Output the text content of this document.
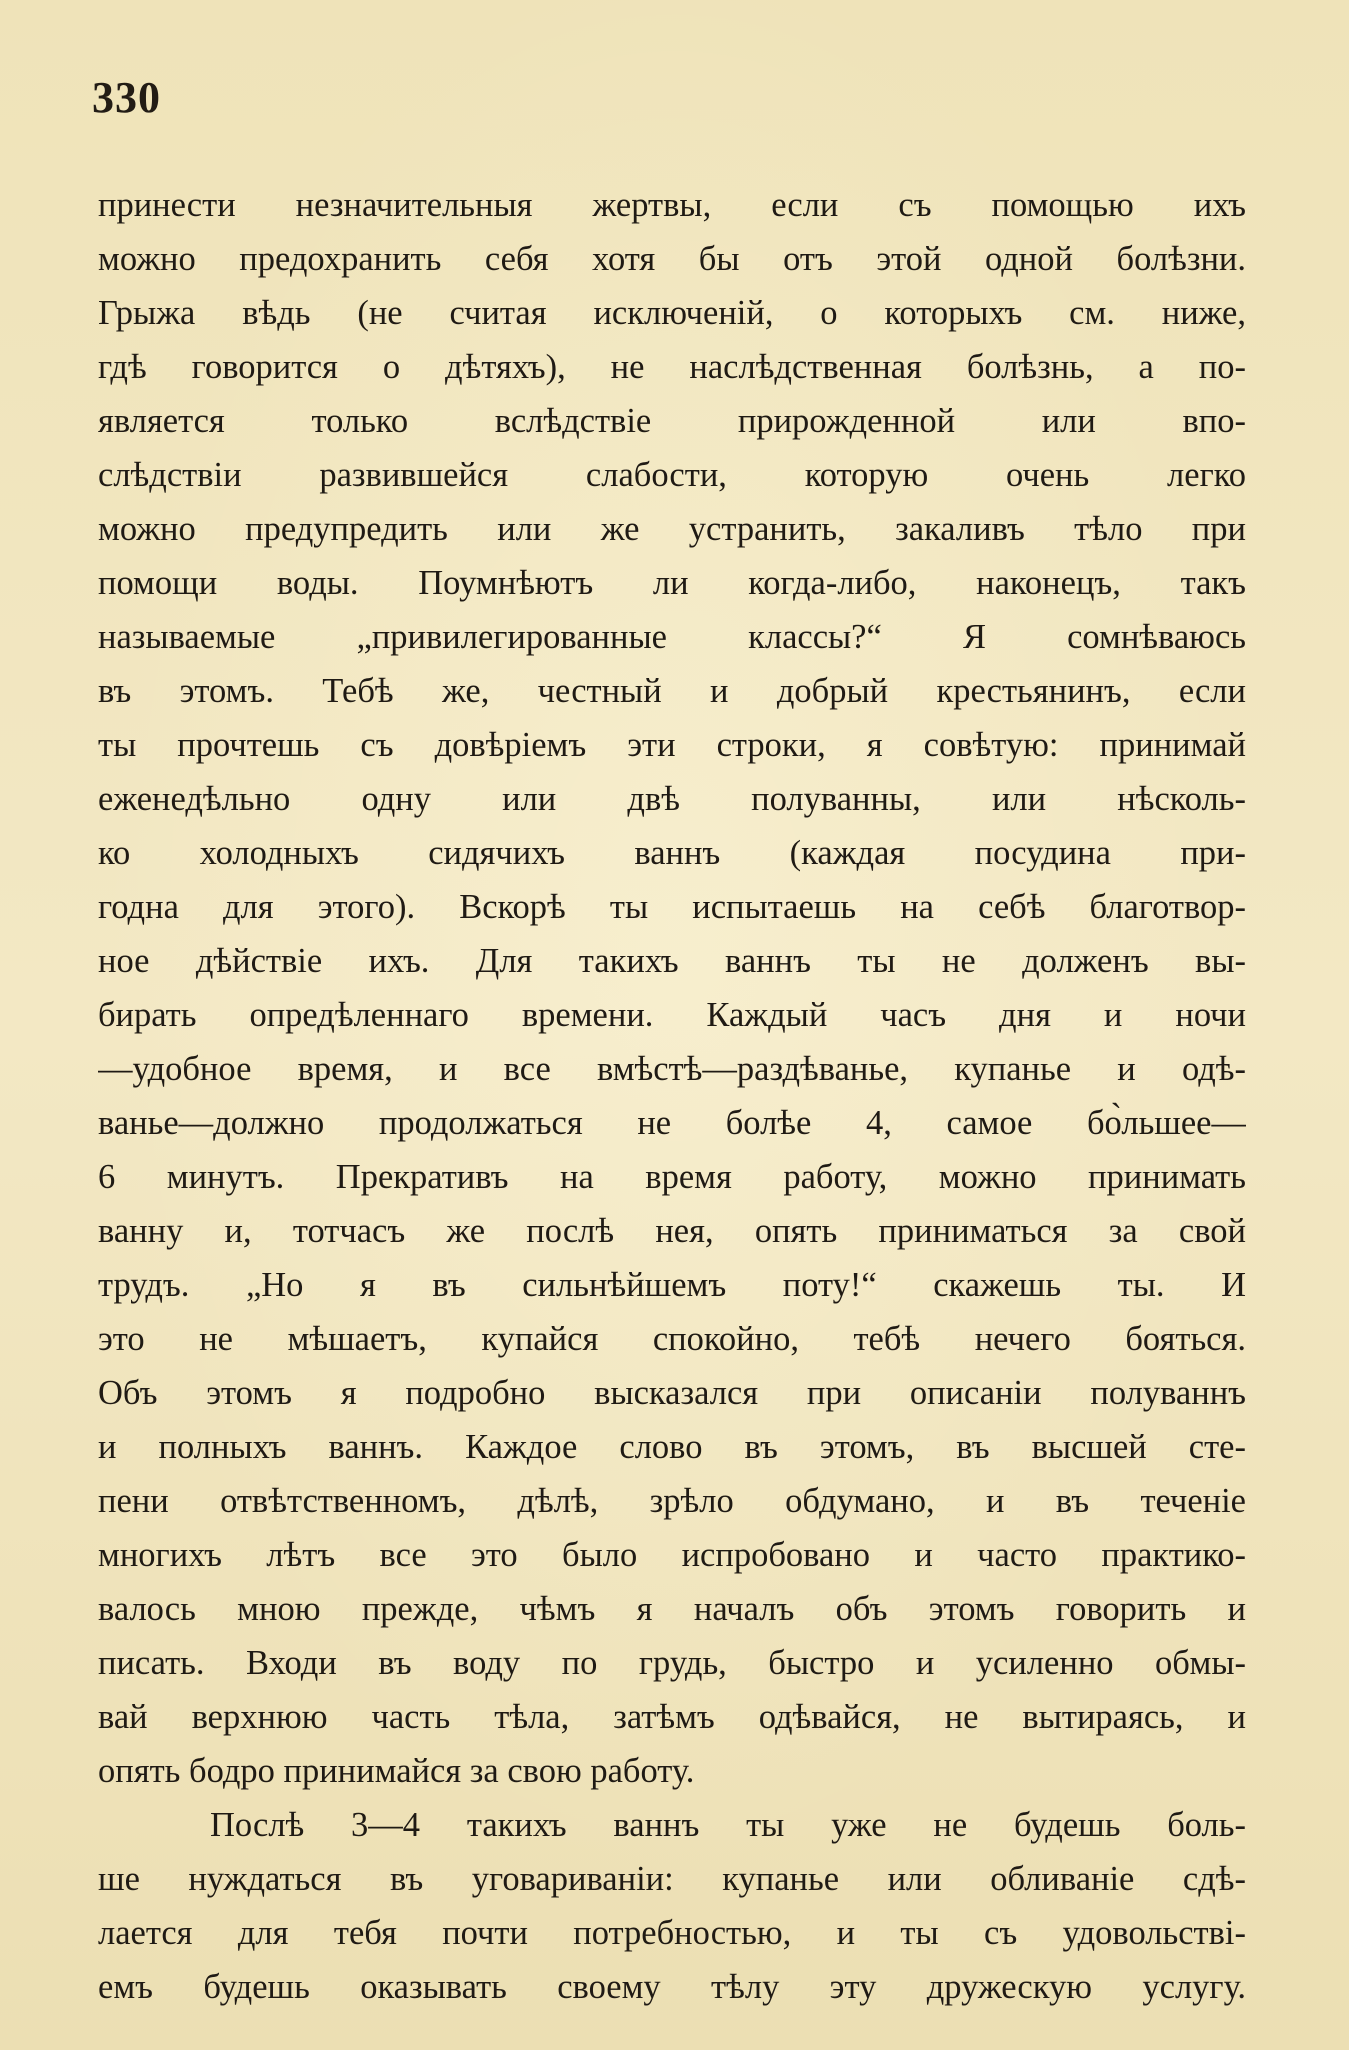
330
принести незначительныя жертвы, если съ помощью ихъ
можно предохранить себя хотя бы отъ этой одной болѣзни.
Грыжа вѣдь (не считая исключенiй, о которыхъ см. ниже,
гдѣ говорится о дѣтяхъ), не наслѣдственная болѣзнь, а по-
является только вслѣдствiе прирожденной или впо-
слѣдствiи развившейся слабости, которую очень легко
можно предупредить или же устранить, закаливъ тѣло при
помощи воды. Поумнѣютъ ли когда-либо, наконецъ, такъ
называемые „привилегированные классы?“ Я сомнѣваюсь
въ этомъ. Тебѣ же, честный и добрый крестьянинъ, если
ты прочтешь съ довѣрiемъ эти строки, я совѣтую: принимай
еженедѣльно одну или двѣ полуванны, или нѣсколь-
ко холодныхъ сидячихъ ваннъ (каждая посудина при-
годна для этого). Вскорѣ ты испытаешь на себѣ благотвор-
ное дѣйствiе ихъ. Для такихъ ваннъ ты не долженъ вы-
бирать опредѣленнаго времени. Каждый часъ дня и ночи
—удобное время, и все вмѣстѣ—раздѣванье, купанье и одѣ-
ванье—должно продолжаться не болѣе 4, самое бо̀льшее—
6 минутъ. Прекративъ на время работу, можно принимать
ванну и, тотчасъ же послѣ нея, опять приниматься за свой
трудъ. „Но я въ сильнѣйшемъ поту!“ скажешь ты. И
это не мѣшаетъ, купайся спокойно, тебѣ нечего бояться.
Объ этомъ я подробно высказался при описанiи полуваннъ
и полныхъ ваннъ. Каждое слово въ этомъ, въ высшей сте-
пени отвѣтственномъ, дѣлѣ, зрѣло обдумано, и въ теченiе
многихъ лѣтъ все это было испробовано и часто практико-
валось мною прежде, чѣмъ я началъ объ этомъ говорить и
писать. Входи въ воду по грудь, быстро и усиленно обмы-
вай верхнюю часть тѣла, затѣмъ одѣвайся, не вытираясь, и
опять бодро принимайся за свою работу.
Послѣ 3—4 такихъ ваннъ ты уже не будешь боль-
ше нуждаться въ уговариванiи: купанье или обливанiе сдѣ-
лается для тебя почти потребностью, и ты съ удовольствi-
емъ будешь оказывать своему тѣлу эту дружескую услугу.
